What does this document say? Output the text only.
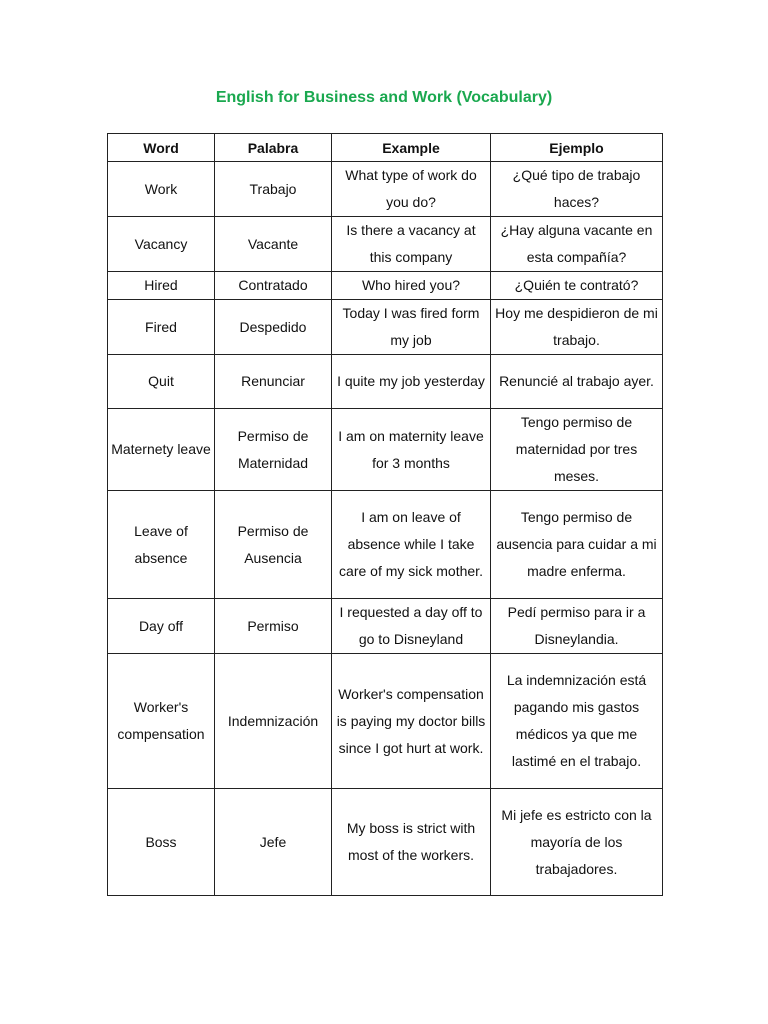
English for Business and Work (Vocabulary)
Word	Palabra	Example	Ejemplo
Work	Trabajo	What type of work do you do?	¿Qué tipo de trabajo haces?
Vacancy	Vacante	Is there a vacancy at this company	¿Hay alguna vacante en esta compañía?
Hired	Contratado	Who hired you?	¿Quién te contrató?
Fired	Despedido	Today I was fired form my job	Hoy me despidieron de mi trabajo.
Quit	Renunciar	I quite my job yesterday	Renuncié al trabajo ayer.
Maternety leave	Permiso de Maternidad	I am on maternity leave for 3 months	Tengo permiso de maternidad por tres meses.
Leave of absence	Permiso de Ausencia	I am on leave of absence while I take care of my sick mother.	Tengo permiso de ausencia para cuidar a mi madre enferma.
Day off	Permiso	I requested a day off to go to Disneyland	Pedí permiso para ir a Disneylandia.
Worker's compensation	Indemnización	Worker's compensation is paying my doctor bills since I got hurt at work.	La indemnización está pagando mis gastos médicos ya que me lastimé en el trabajo.
Boss	Jefe	My boss is strict with most of the workers.	Mi jefe es estricto con la mayoría de los trabajadores.
